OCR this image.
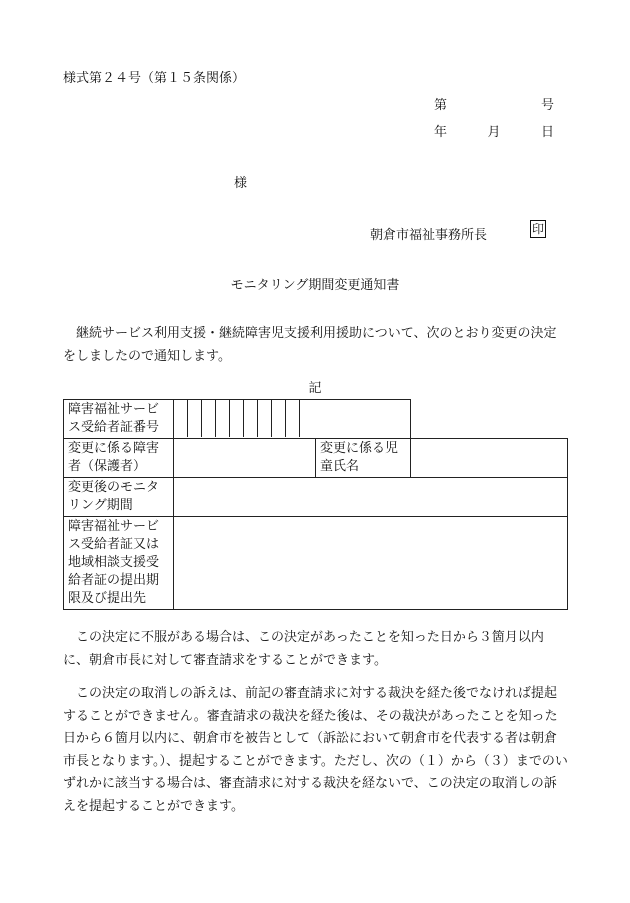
様式第２４号（第１５条関係）
第	号
年	月	日
様
朝倉市福祉事務所長	印
モニタリング期間変更通知書

継続サービス利用支援・継続障害児支援利用援助について、次のとおり変更の決定をしましたので通知します。

記
障害福祉サービス受給者証番号		

変更に係る障害者（保護者）		変更に係る児童氏名	
変更後のモニタリング期間			
障害福祉サービス受給者証又は地域相談支援受給者証の提出期限及び提出先			

この決定に不服がある場合は、この決定があったことを知った日から３箇月以内に、朝倉市長に対して審査請求をすることができます。

この決定の取消しの訴えは、前記の審査請求に対する裁決を経た後でなければ提起することができません。審査請求の裁決を経た後は、その裁決があったことを知った日から６箇月以内に、朝倉市を被告として（訴訟において朝倉市を代表する者は朝倉市長となります。）、提起することができます。ただし、次の（１）から（３）までのいずれかに該当する場合は、審査請求に対する裁決を経ないで、この決定の取消しの訴えを提起することができます。
